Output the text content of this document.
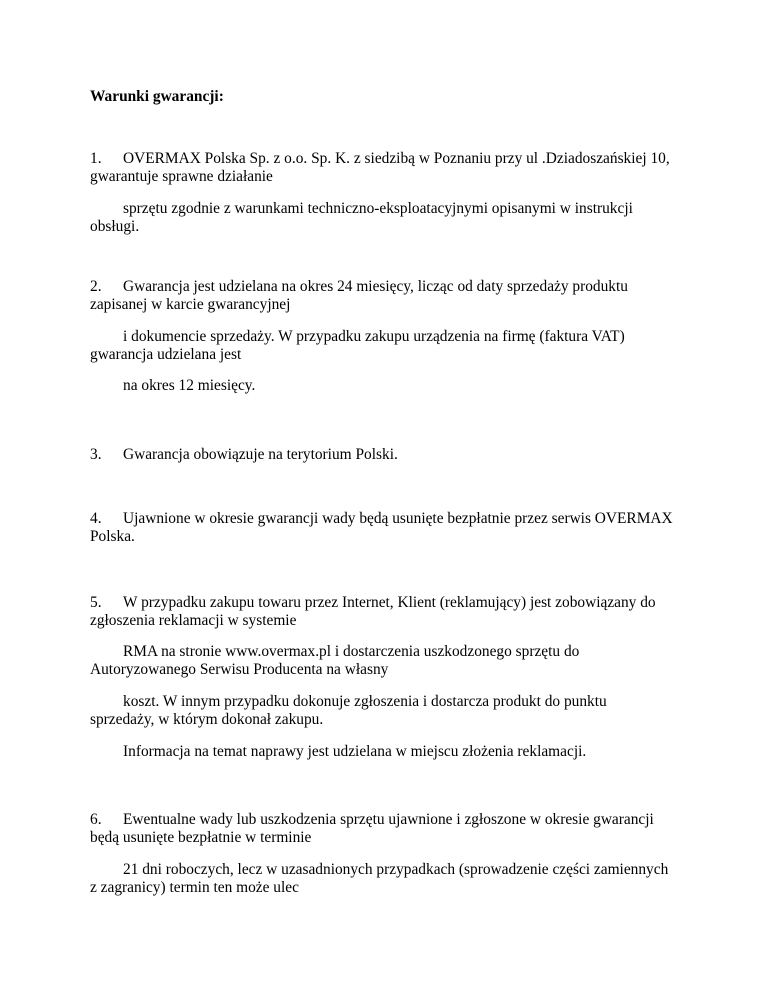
Warunki gwarancji:
1. OVERMAX Polska Sp. z o.o. Sp. K. z siedzibą w Poznaniu przy ul .Dziadoszańskiej 10,
gwarantuje sprawne działanie
sprzętu zgodnie z warunkami techniczno-eksploatacyjnymi opisanymi w instrukcji
obsługi.
2. Gwarancja jest udzielana na okres 24 miesięcy, licząc od daty sprzedaży produktu
zapisanej w karcie gwarancyjnej
i dokumencie sprzedaży. W przypadku zakupu urządzenia na firmę (faktura VAT)
gwarancja udzielana jest
na okres 12 miesięcy.
3. Gwarancja obowiązuje na terytorium Polski.
4. Ujawnione w okresie gwarancji wady będą usunięte bezpłatnie przez serwis OVERMAX
Polska.
5. W przypadku zakupu towaru przez Internet, Klient (reklamujący) jest zobowiązany do
zgłoszenia reklamacji w systemie
RMA na stronie www.overmax.pl i dostarczenia uszkodzonego sprzętu do
Autoryzowanego Serwisu Producenta na własny
koszt. W innym przypadku dokonuje zgłoszenia i dostarcza produkt do punktu
sprzedaży, w którym dokonał zakupu.
Informacja na temat naprawy jest udzielana w miejscu złożenia reklamacji.
6. Ewentualne wady lub uszkodzenia sprzętu ujawnione i zgłoszone w okresie gwarancji
będą usunięte bezpłatnie w terminie
21 dni roboczych, lecz w uzasadnionych przypadkach (sprowadzenie części zamiennych
z zagranicy) termin ten może ulec
